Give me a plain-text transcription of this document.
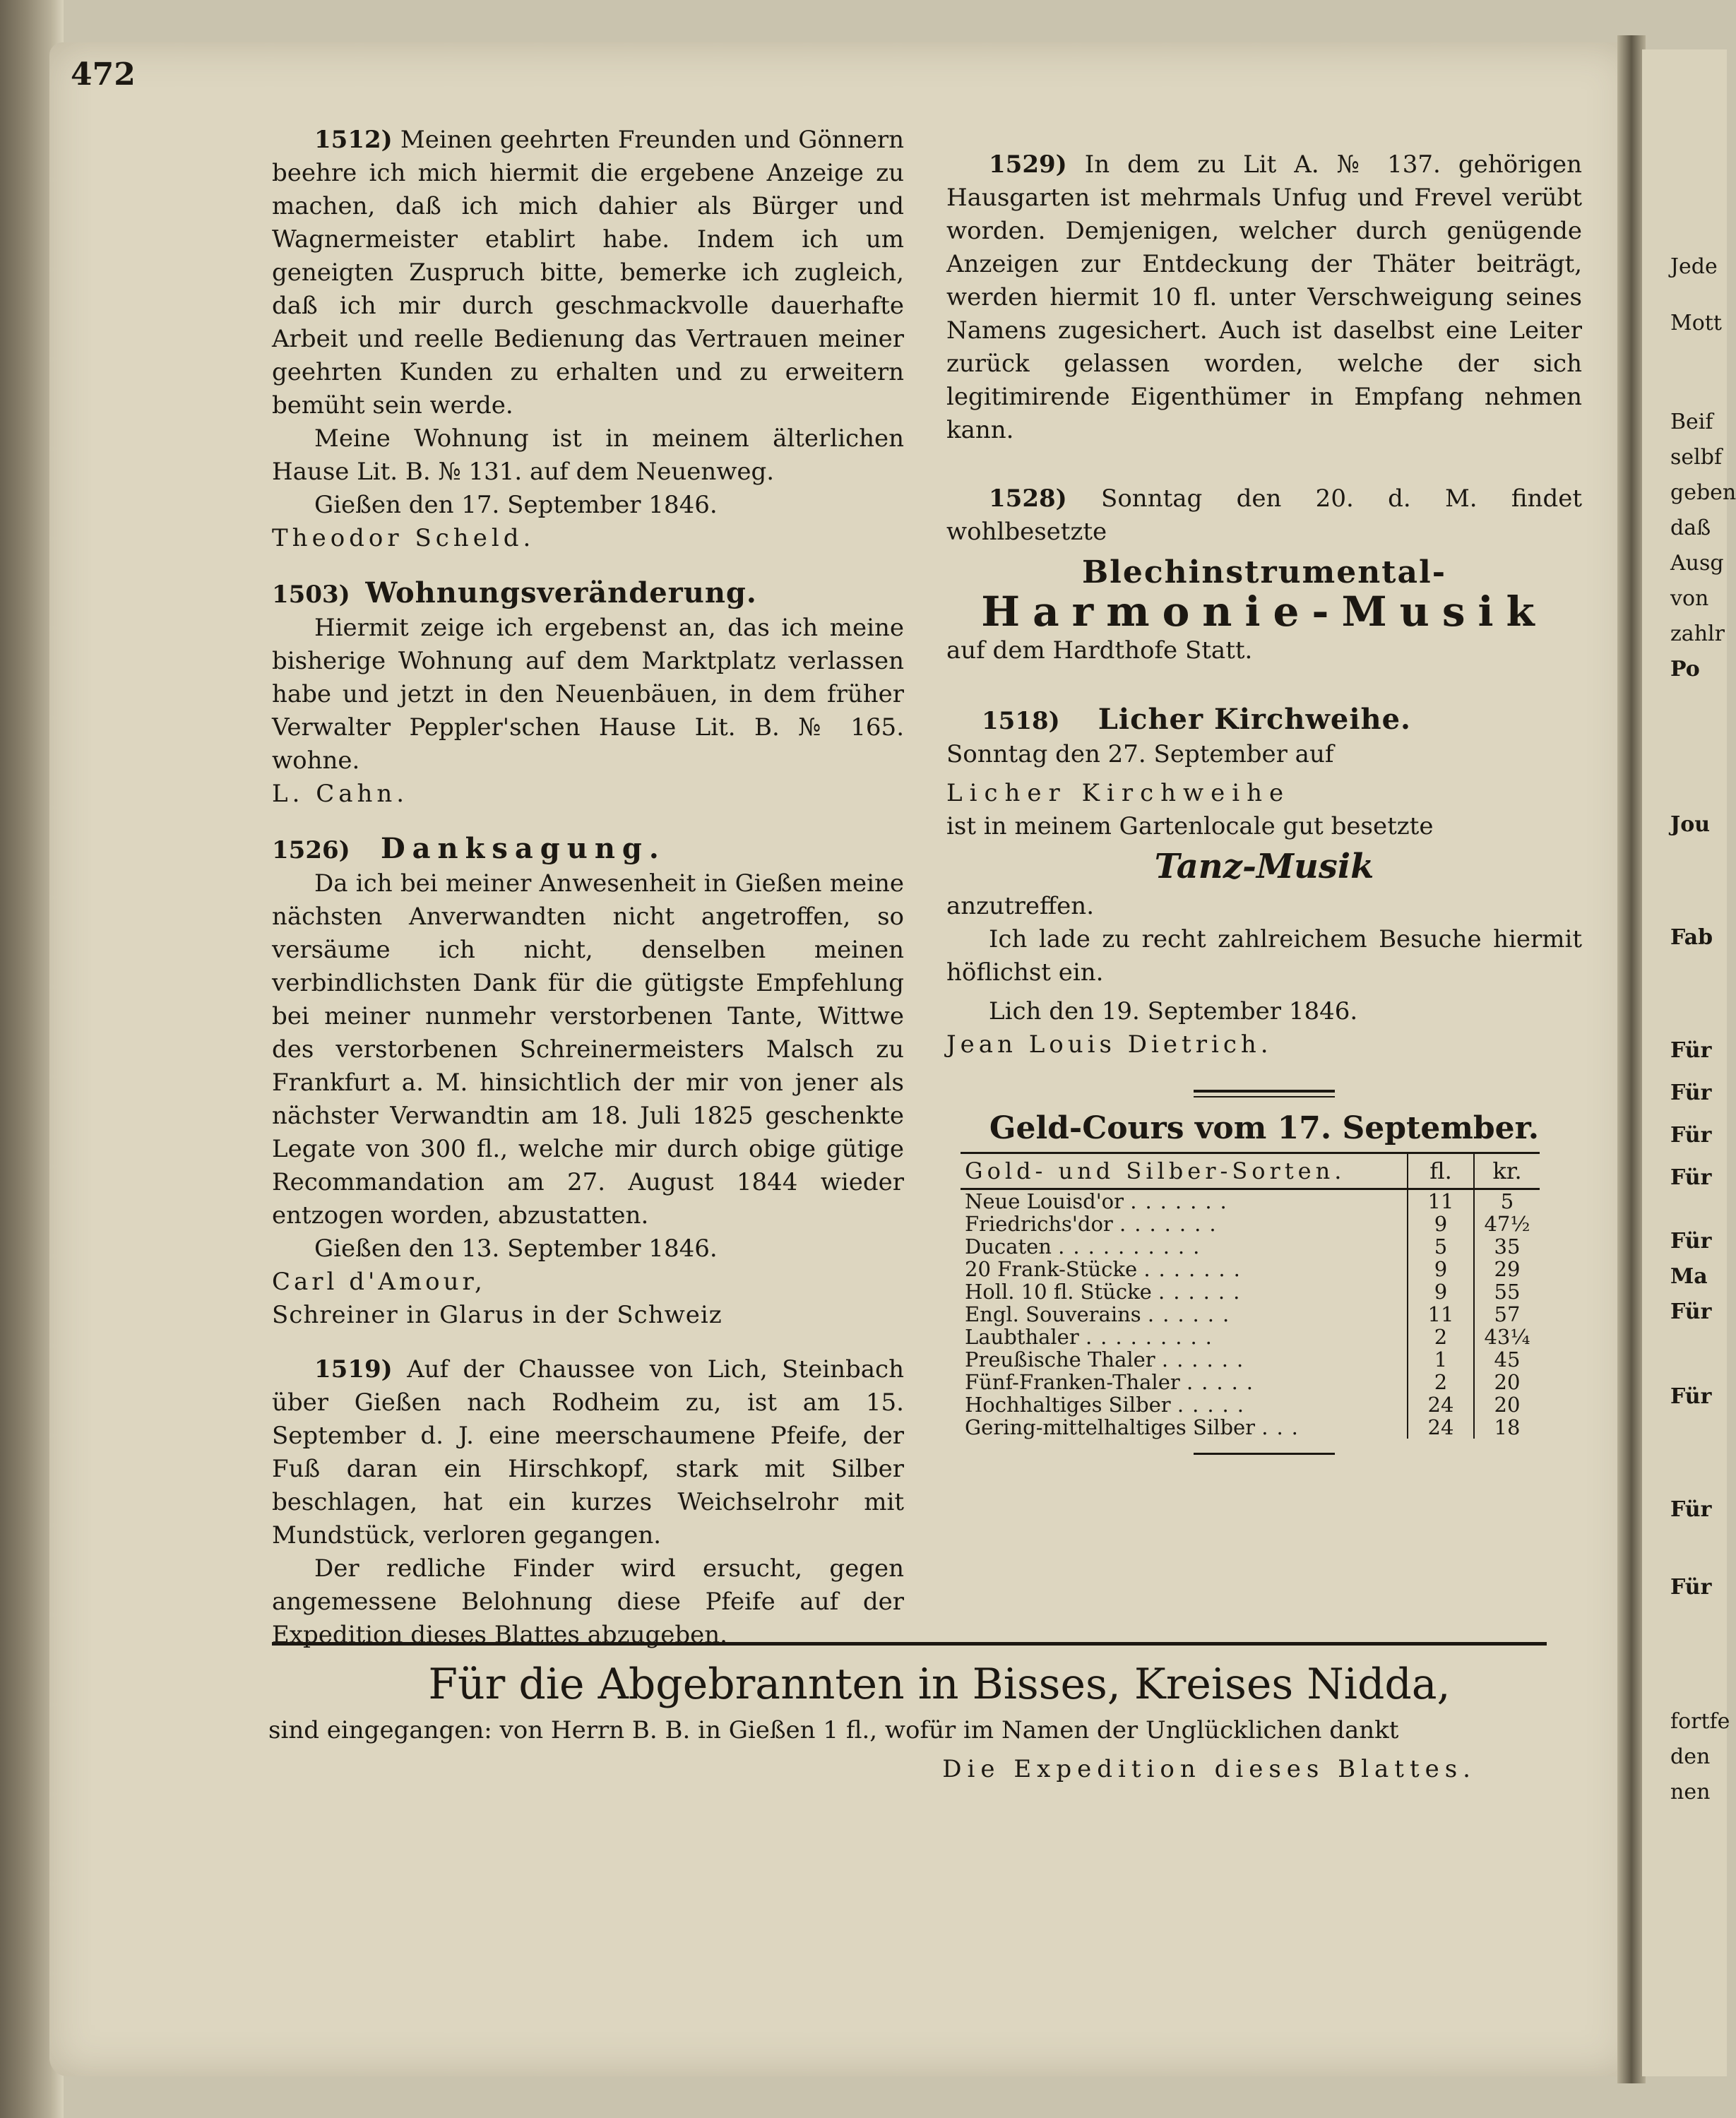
Jede
Mott
Beif
selbf
geben
daß
Ausg
von
zahlr
Po
Jou
Fab
Für
Für
Für
Für
Für
Ma
Für
Für
Für
Für
fortfe
den
nen
472

1512) Meinen geehrten Freunden und Gönnern beehre ich mich hiermit die ergebene Anzeige zu machen, daß ich mich dahier als Bürger und Wagnermeister etablirt habe. Indem ich um geneigten Zuspruch bitte, bemerke ich zugleich, daß ich mir durch geschmackvolle dauerhafte Arbeit und reelle Bedienung das Vertrauen meiner geehrten Kunden zu erhalten und zu erweitern bemüht sein werde.

Meine Wohnung ist in meinem älterlichen Hause Lit. B. № 131. auf dem Neuenweg.

Gießen den 17. September 1846.

Theodor Scheld.

1503) Wohnungsveränderung.

Hiermit zeige ich ergebenst an, das ich meine bisherige Wohnung auf dem Marktplatz verlassen habe und jetzt in den Neuenbäuen, in dem früher Verwalter Peppler'schen Hause Lit. B. № 165. wohne.

L. Cahn.

1526) Danksagung.

Da ich bei meiner Anwesenheit in Gießen meine nächsten Anverwandten nicht angetroffen, so versäume ich nicht, denselben meinen verbindlichsten Dank für die gütigste Empfehlung bei meiner nunmehr verstorbenen Tante, Wittwe des verstorbenen Schreinermeisters Malsch zu Frankfurt a. M. hinsichtlich der mir von jener als nächster Verwandtin am 18. Juli 1825 geschenkte Legate von 300 fl., welche mir durch obige gütige Recommandation am 27. August 1844 wieder entzogen worden, abzustatten.

Gießen den 13. September 1846.

Carl d'Amour,

Schreiner in Glarus in der Schweiz

1519) Auf der Chaussee von Lich, Steinbach über Gießen nach Rodheim zu, ist am 15. September d. J. eine meerschaumene Pfeife, der Fuß daran ein Hirschkopf, stark mit Silber beschlagen, hat ein kurzes Weichselrohr mit Mundstück, verloren gegangen.

Der redliche Finder wird ersucht, gegen angemessene Belohnung diese Pfeife auf der Expedition dieses Blattes abzugeben.

1529) In dem zu Lit A. № 137. gehörigen Hausgarten ist mehrmals Unfug und Frevel verübt worden. Demjenigen, welcher durch genügende Anzeigen zur Entdeckung der Thäter beiträgt, werden hiermit 10 fl. unter Verschweigung seines Namens zugesichert. Auch ist daselbst eine Leiter zurück gelassen worden, welche der sich legitimirende Eigenthümer in Empfang nehmen kann.

1528) Sonntag den 20. d. M. findet wohlbesetzte

Blechinstrumental-
Harmonie-Musik

auf dem Hardthofe Statt.

1518) Licher Kirchweihe.

Sonntag den 27. September auf

Licher Kirchweihe

ist in meinem Gartenlocale gut besetzte

Tanz-Musik

anzutreffen.

Ich lade zu recht zahlreichem Besuche hiermit höflichst ein.

Lich den 19. September 1846.

Jean Louis Dietrich.

Geld-Cours vom 17. September.
Gold- und Silber-Sorten.	fl.	kr.
Neue Louisd'or .......	11	5
Friedrichs'dor .......	9	47½
Ducaten ..........	5	35
20 Frank-Stücke .......	9	29
Holl. 10 fl. Stücke ......	9	55
Engl. Souverains ......	11	57
Laubthaler .........	2	43¼
Preußische Thaler ......	1	45
Fünf-Franken-Thaler .....	2	20
Hochhaltiges Silber .....	24	20
Gering-mittelhaltiges Silber ...	24	18
Für die Abgebrannten in Bisses, Kreises Nidda,

sind eingegangen: von Herrn B. B. in Gießen 1 fl., wofür im Namen der Unglücklichen dankt

Die Expedition dieses Blattes.
